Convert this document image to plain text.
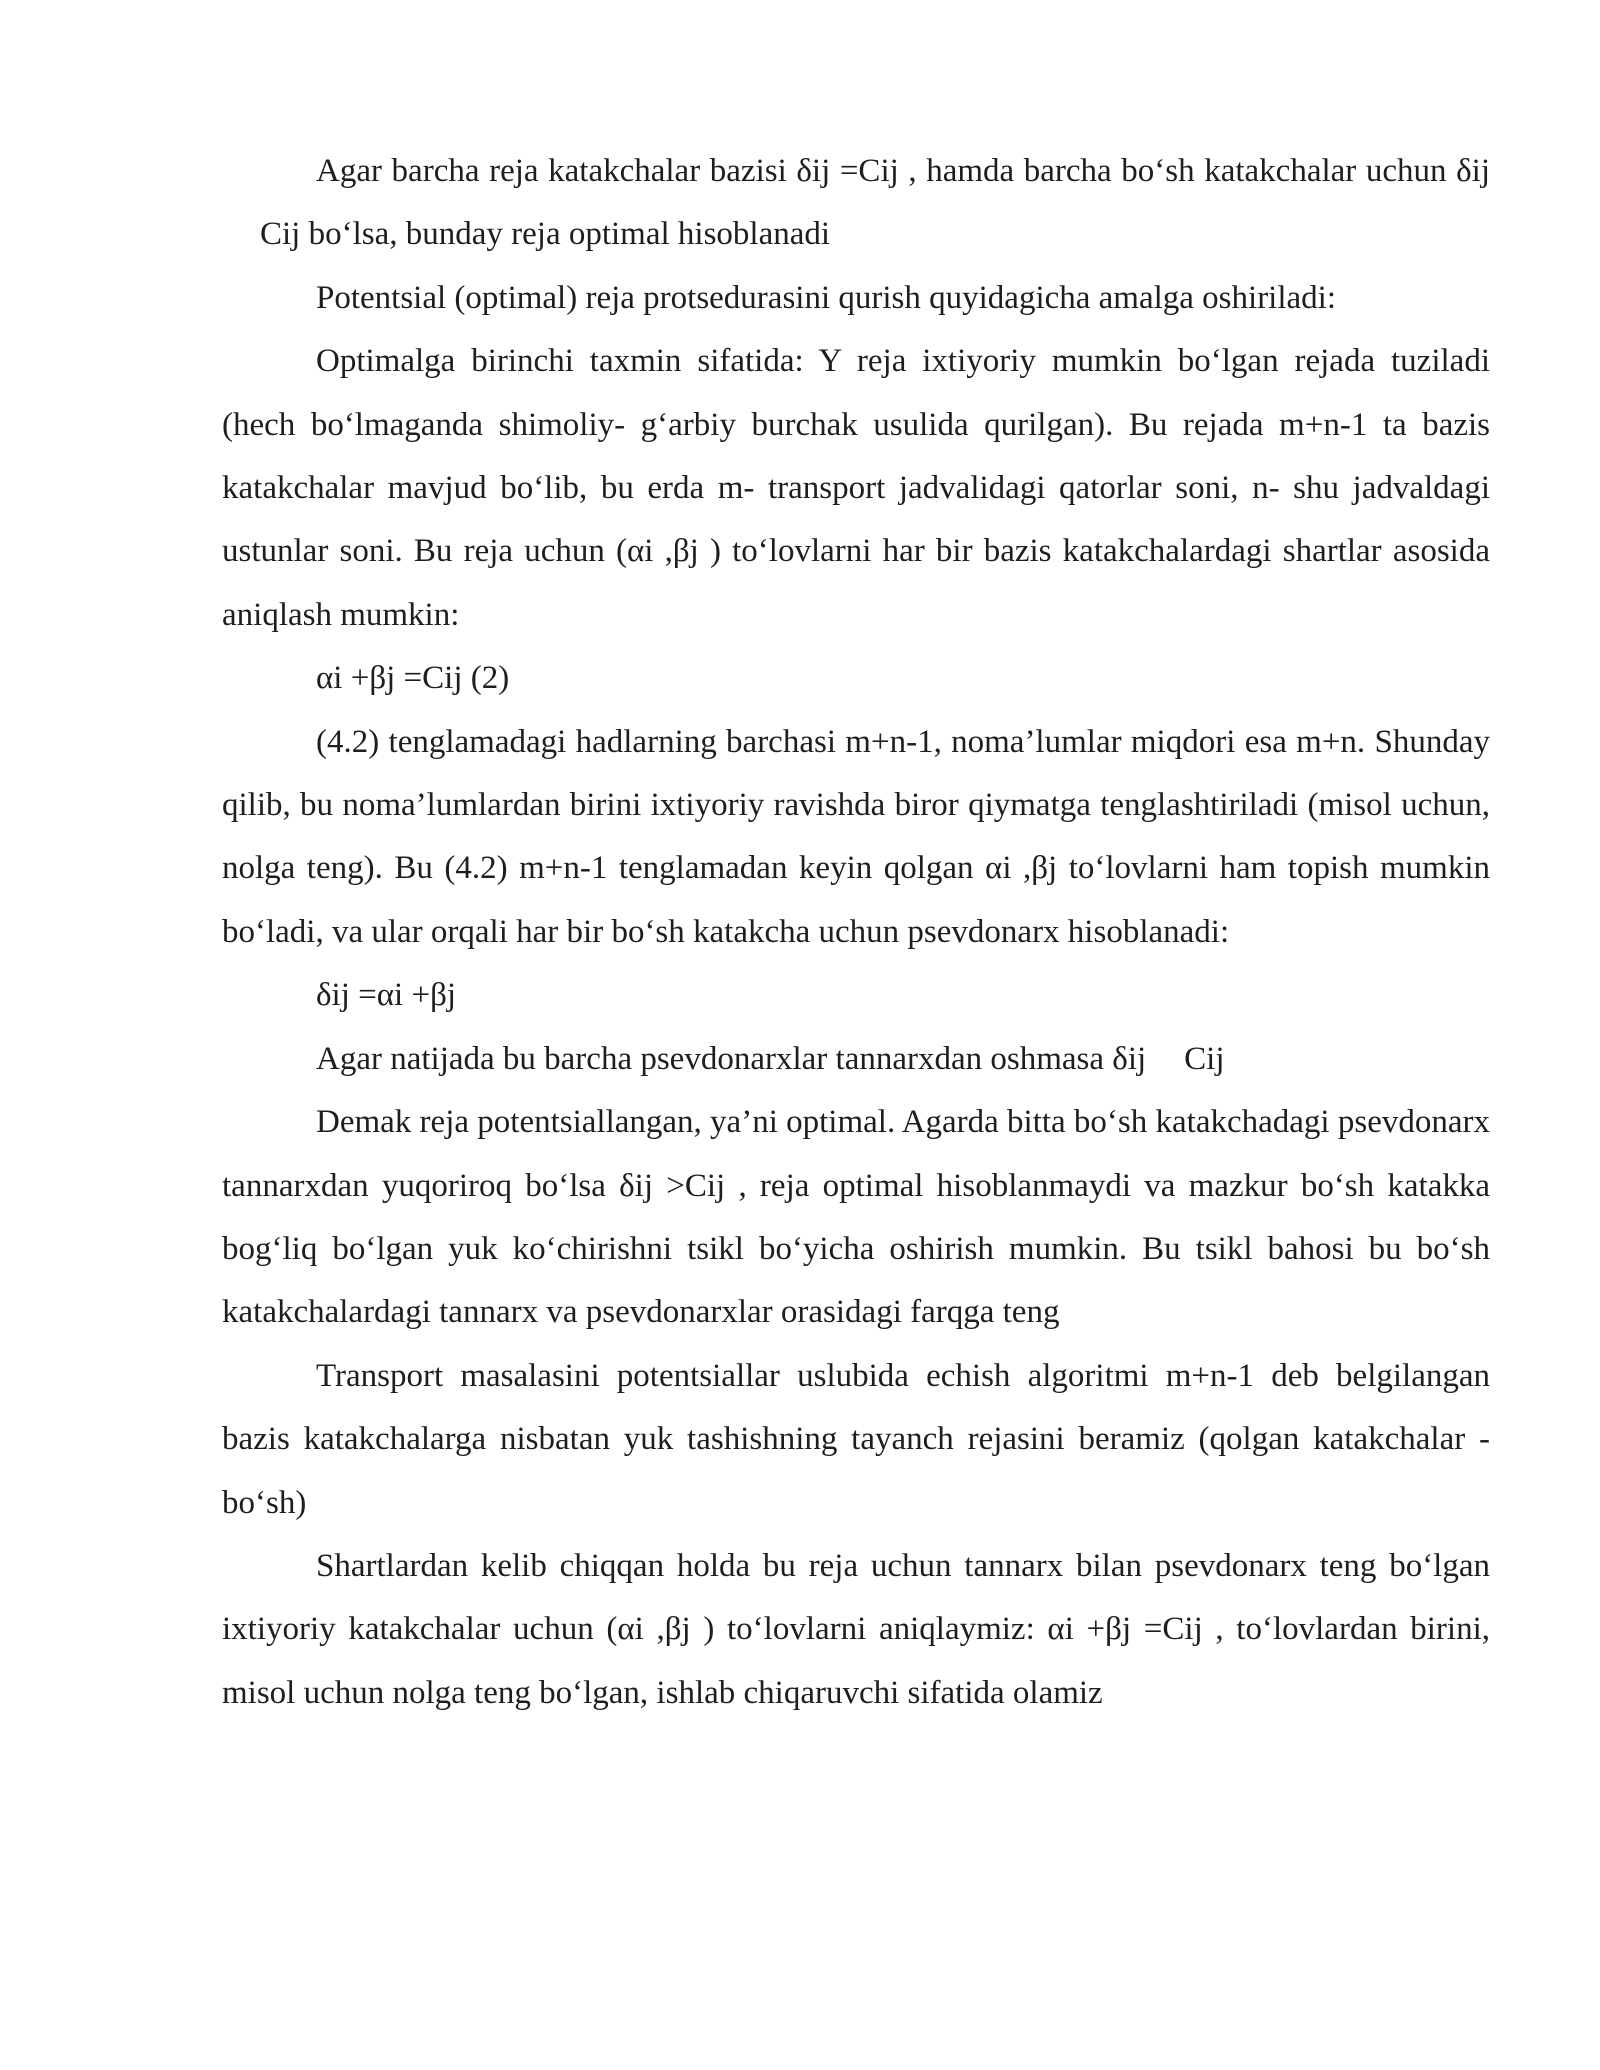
Agar barcha reja katakchalar bazisi δij =Cij , hamda barcha bo‘sh katakchalar uchun δijCij bo‘lsa, bunday reja optimal hisoblanadi

Potentsial (optimal) reja protsedurasini qurish quyidagicha amalga oshiriladi:

Optimalga birinchi taxmin sifatida: Y reja ixtiyoriy mumkin bo‘lgan rejada tuziladi (hech bo‘lmaganda shimoliy- g‘arbiy burchak usulida qurilgan). Bu rejada m+n-1 ta bazis katakchalar mavjud bo‘lib, bu erda m- transport jadvalidagi qatorlar soni, n- shu jadvaldagi ustunlar soni. Bu reja uchun (αi ,βj ) to‘lovlarni har bir bazis katakchalardagi shartlar asosida aniqlash mumkin:

αi +βj =Cij (2)

(4.2) tenglamadagi hadlarning barchasi m+n-1, noma’lumlar miqdori esa m+n. Shunday qilib, bu noma’lumlardan birini ixtiyoriy ravishda biror qiymatga tenglashtiriladi (misol uchun, nolga teng). Bu (4.2) m+n-1 tenglamadan keyin qolgan αi ,βj to‘lovlarni ham topish mumkin bo‘ladi, va ular orqali har bir bo‘sh katakcha uchun psevdonarx hisoblanadi:

δij =αi +βj

Agar natijada bu barcha psevdonarxlar tannarxdan oshmasa δij Cij

Demak reja potentsiallangan, ya’ni optimal. Agarda bitta bo‘sh katakchadagi psevdonarx tannarxdan yuqoriroq bo‘lsa δij >Cij , reja optimal hisoblanmaydi va mazkur bo‘sh katakka bog‘liq bo‘lgan yuk ko‘chirishni tsikl bo‘yicha oshirish mumkin. Bu tsikl bahosi bu bo‘sh katakchalardagi tannarx va psevdonarxlar orasidagi farqga teng

Transport masalasini potentsiallar uslubida echish algoritmi m+n-1 deb belgilangan bazis katakchalarga nisbatan yuk tashishning tayanch rejasini beramiz (qolgan katakchalar - bo‘sh)

Shartlardan kelib chiqqan holda bu reja uchun tannarx bilan psevdonarx teng bo‘lgan ixtiyoriy katakchalar uchun (αi ,βj ) to‘lovlarni aniqlaymiz: αi +βj =Cij , to‘lovlardan birini, misol uchun nolga teng bo‘lgan, ishlab chiqaruvchi sifatida olamiz
